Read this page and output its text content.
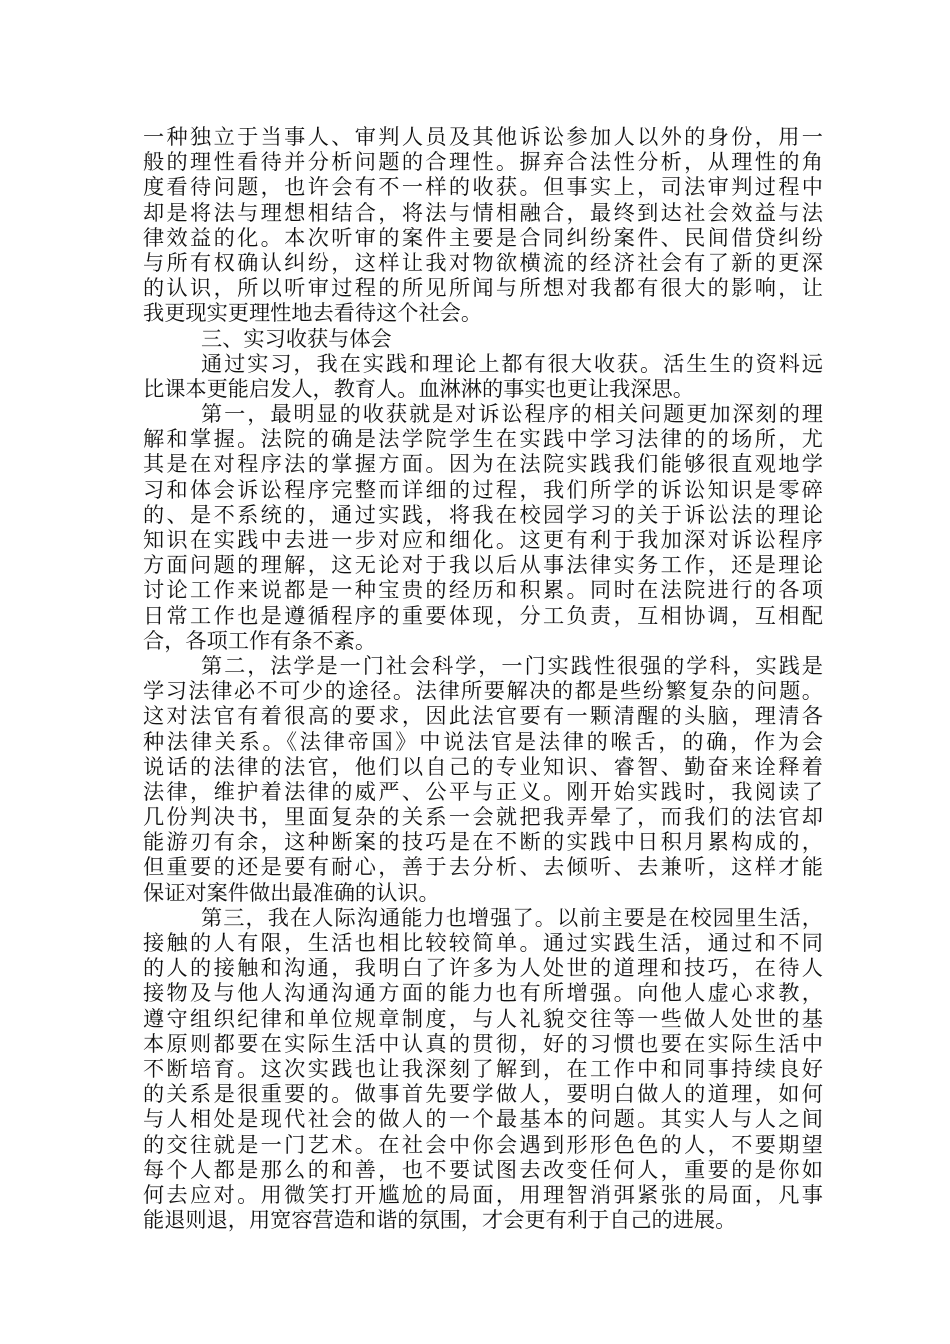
一种独立于当事人、审判人员及其他诉讼参加人以外的身份，用一
般的理性看待并分析问题的合理性。摒弃合法性分析，从理性的角
度看待问题，也许会有不一样的收获。但事实上，司法审判过程中
却是将法与理想相结合，将法与情相融合，最终到达社会效益与法
律效益的化。本次听审的案件主要是合同纠纷案件、民间借贷纠纷
与所有权确认纠纷，这样让我对物欲横流的经济社会有了新的更深
的认识，所以听审过程的所见所闻与所想对我都有很大的影响，让
我更现实更理性地去看待这个社会。
三、实习收获与体会
通过实习，我在实践和理论上都有很大收获。活生生的资料远
比课本更能启发人，教育人。血淋淋的事实也更让我深思。
第一，最明显的收获就是对诉讼程序的相关问题更加深刻的理
解和掌握。法院的确是法学院学生在实践中学习法律的的场所，尤
其是在对程序法的掌握方面。因为在法院实践我们能够很直观地学
习和体会诉讼程序完整而详细的过程，我们所学的诉讼知识是零碎
的、是不系统的，通过实践，将我在校园学习的关于诉讼法的理论
知识在实践中去进一步对应和细化。这更有利于我加深对诉讼程序
方面问题的理解，这无论对于我以后从事法律实务工作，还是理论
讨论工作来说都是一种宝贵的经历和积累。同时在法院进行的各项
日常工作也是遵循程序的重要体现，分工负责，互相协调，互相配
合，各项工作有条不紊。
第二，法学是一门社会科学，一门实践性很强的学科，实践是
学习法律必不可少的途径。法律所要解决的都是些纷繁复杂的问题。
这对法官有着很高的要求，因此法官要有一颗清醒的头脑，理清各
种法律关系。《法律帝国》中说法官是法律的喉舌，的确，作为会
说话的法律的法官，他们以自己的专业知识、睿智、勤奋来诠释着
法律，维护着法律的威严、公平与正义。刚开始实践时，我阅读了
几份判决书，里面复杂的关系一会就把我弄晕了，而我们的法官却
能游刃有余，这种断案的技巧是在不断的实践中日积月累构成的，
但重要的还是要有耐心，善于去分析、去倾听、去兼听，这样才能
保证对案件做出最准确的认识。
第三，我在人际沟通能力也增强了。以前主要是在校园里生活，
接触的人有限，生活也相比较较简单。通过实践生活，通过和不同
的人的接触和沟通，我明白了许多为人处世的道理和技巧，在待人
接物及与他人沟通沟通方面的能力也有所增强。向他人虚心求教，
遵守组织纪律和单位规章制度，与人礼貌交往等一些做人处世的基
本原则都要在实际生活中认真的贯彻，好的习惯也要在实际生活中
不断培育。这次实践也让我深刻了解到，在工作中和同事持续良好
的关系是很重要的。做事首先要学做人，要明白做人的道理，如何
与人相处是现代社会的做人的一个最基本的问题。其实人与人之间
的交往就是一门艺术。在社会中你会遇到形形色色的人，不要期望
每个人都是那么的和善，也不要试图去改变任何人，重要的是你如
何去应对。用微笑打开尴尬的局面，用理智消弭紧张的局面，凡事
能退则退，用宽容营造和谐的氛围，才会更有利于自己的进展。
